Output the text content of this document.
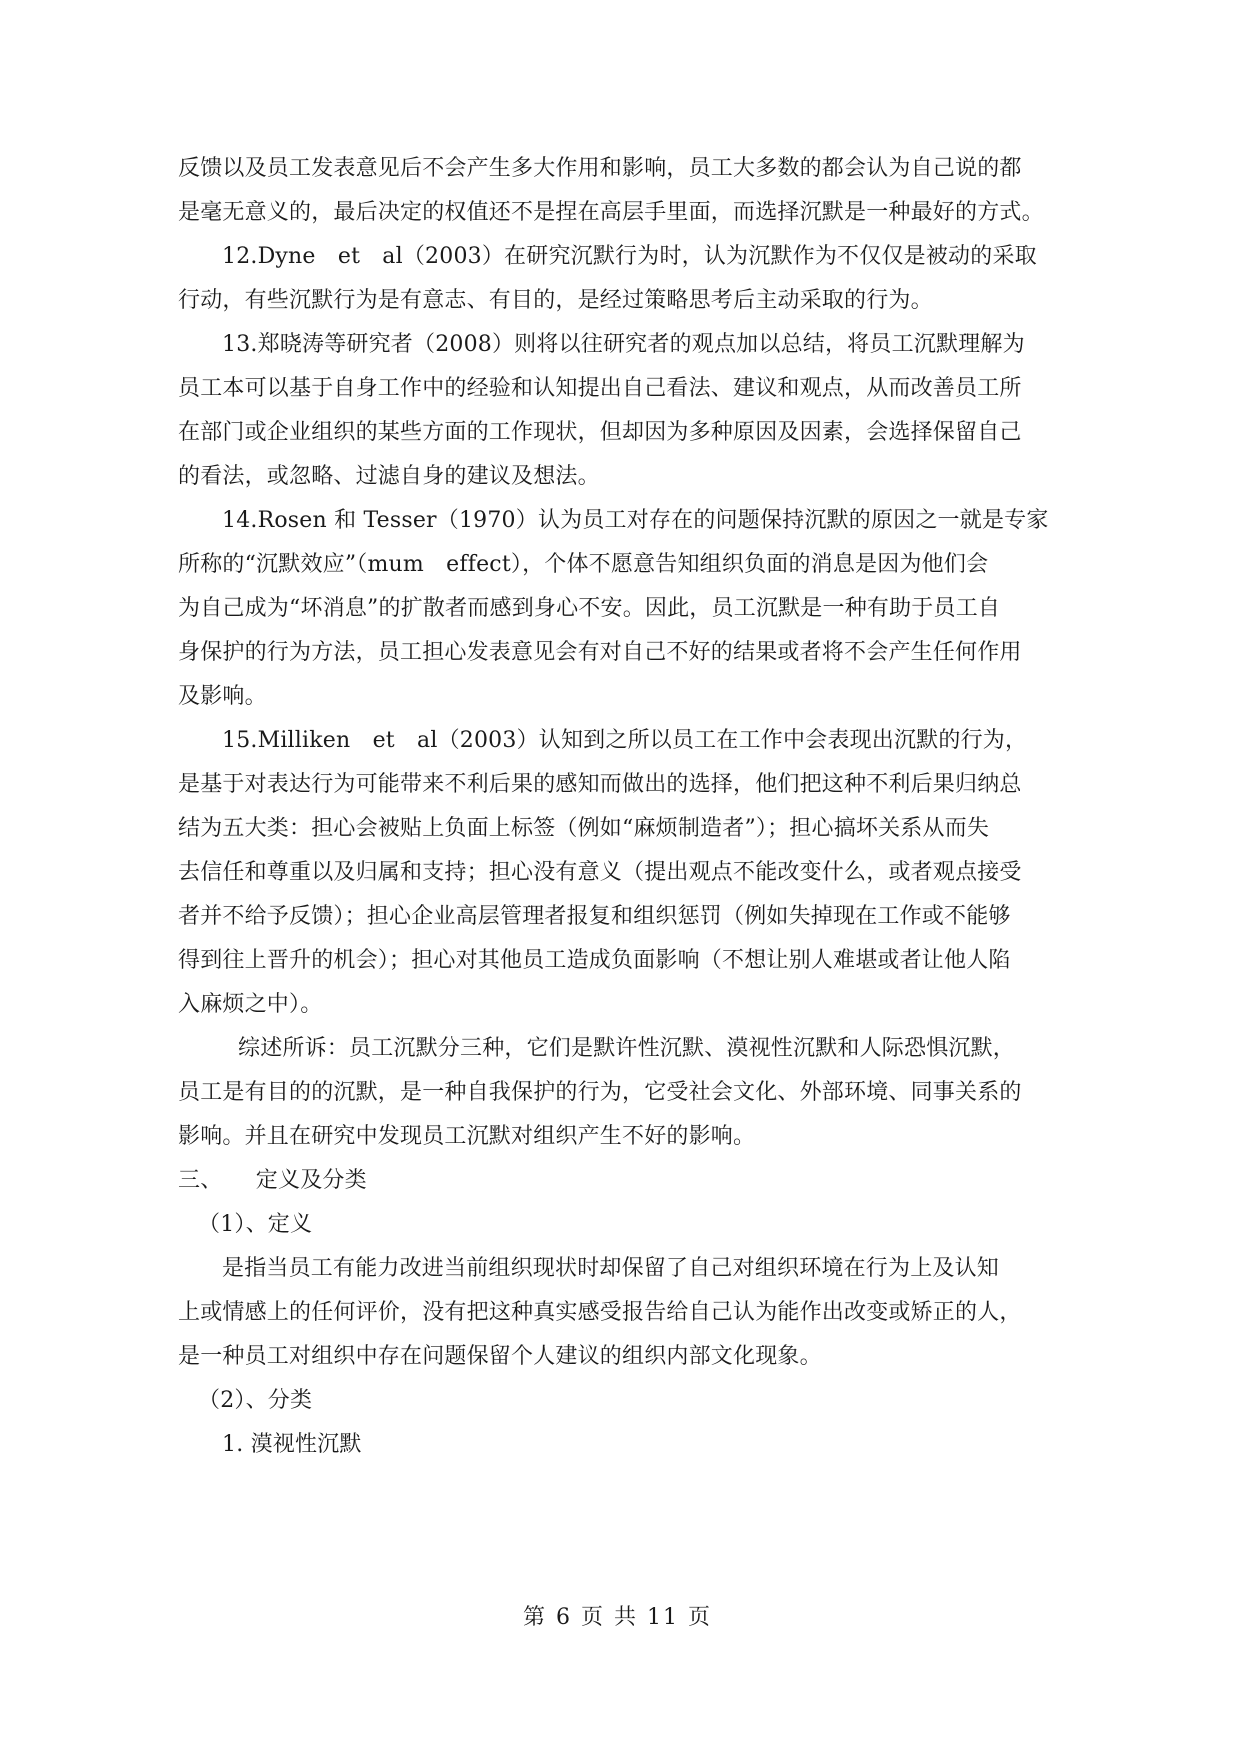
反馈以及员工发表意见后不会产生多大作用和影响，员工大多数的都会认为自己说的都
是毫无意义的，最后决定的权值还不是捏在高层手里面，而选择沉默是一种最好的方式。
12.Dyne　et　al（2003）在研究沉默行为时，认为沉默作为不仅仅是被动的采取
行动，有些沉默行为是有意志、有目的，是经过策略思考后主动采取的行为。
13.郑晓涛等研究者（2008）则将以往研究者的观点加以总结，将员工沉默理解为
员工本可以基于自身工作中的经验和认知提出自己看法、建议和观点，从而改善员工所
在部门或企业组织的某些方面的工作现状，但却因为多种原因及因素，会选择保留自己
的看法，或忽略、过滤自身的建议及想法。
14.Rosen 和 Tesser（1970）认为员工对存在的问题保持沉默的原因之一就是专家
所称的“沉默效应”（mum　effect），个体不愿意告知组织负面的消息是因为他们会
为自己成为“坏消息”的扩散者而感到身心不安。因此，员工沉默是一种有助于员工自
身保护的行为方法，员工担心发表意见会有对自己不好的结果或者将不会产生任何作用
及影响。
15.Milliken　et　al（2003）认知到之所以员工在工作中会表现出沉默的行为，
是基于对表达行为可能带来不利后果的感知而做出的选择，他们把这种不利后果归纳总
结为五大类：担心会被贴上负面上标签（例如“麻烦制造者”）；担心搞坏关系从而失
去信任和尊重以及归属和支持；担心没有意义（提出观点不能改变什么，或者观点接受
者并不给予反馈）；担心企业高层管理者报复和组织惩罚（例如失掉现在工作或不能够
得到往上晋升的机会）；担心对其他员工造成负面影响（不想让别人难堪或者让他人陷
入麻烦之中）。
综述所诉：员工沉默分三种，它们是默许性沉默、漠视性沉默和人际恐惧沉默，
员工是有目的的沉默，是一种自我保护的行为，它受社会文化、外部环境、同事关系的
影响。并且在研究中发现员工沉默对组织产生不好的影响。
三、　　定义及分类
（1）、定义
是指当员工有能力改进当前组织现状时却保留了自己对组织环境在行为上及认知
上或情感上的任何评价，没有把这种真实感受报告给自己认为能作出改变或矫正的人，
是一种员工对组织中存在问题保留个人建议的组织内部文化现象。
（2）、分类
1. 漠视性沉默
第 6 页 共 11 页
